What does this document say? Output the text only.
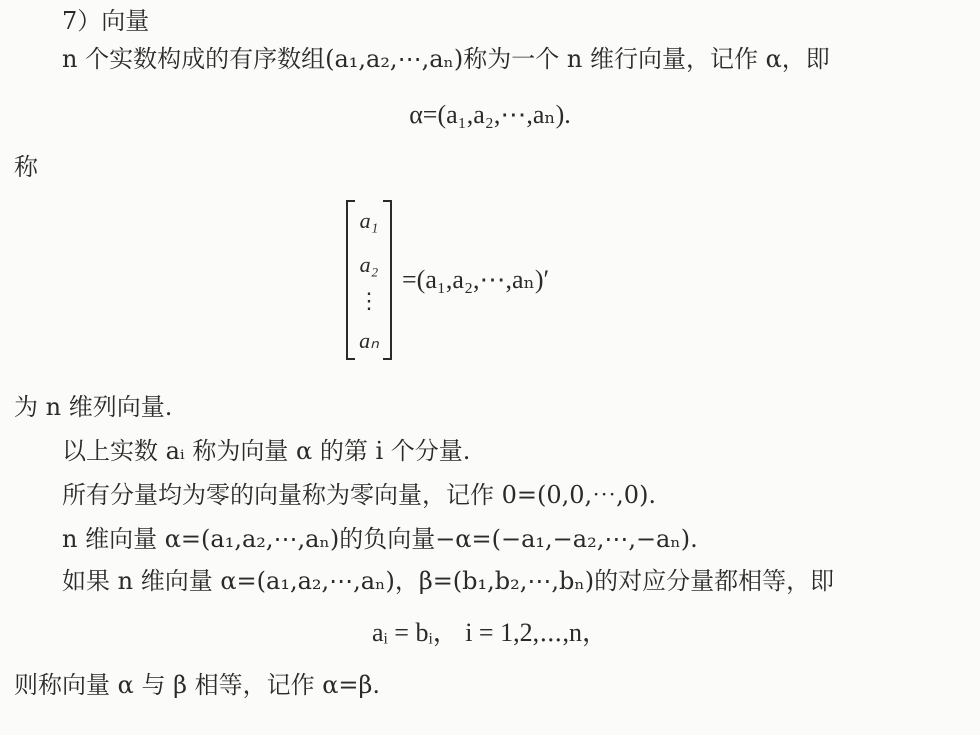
7）向量
n 个实数构成的有序数组(a₁,a₂,⋯,aₙ)称为一个 n 维行向量，记作 α，即
α=(a₁,a₂,⋯,aₙ).
称
a₁
a₂
⋮
aₙ
=(a₁,a₂,⋯,aₙ)′
为 n 维列向量.
以上实数 aᵢ 称为向量 α 的第 i 个分量.
所有分量均为零的向量称为零向量，记作 0=(0,0,⋯,0).
n 维向量 α=(a₁,a₂,⋯,aₙ)的负向量−α=(−a₁,−a₂,⋯,−aₙ).
如果 n 维向量 α=(a₁,a₂,⋯,aₙ)，β=(b₁,b₂,⋯,bₙ)的对应分量都相等，即
aᵢ = bᵢ， i = 1,2,⋯,n，
则称向量 α 与 β 相等，记作 α=β.
